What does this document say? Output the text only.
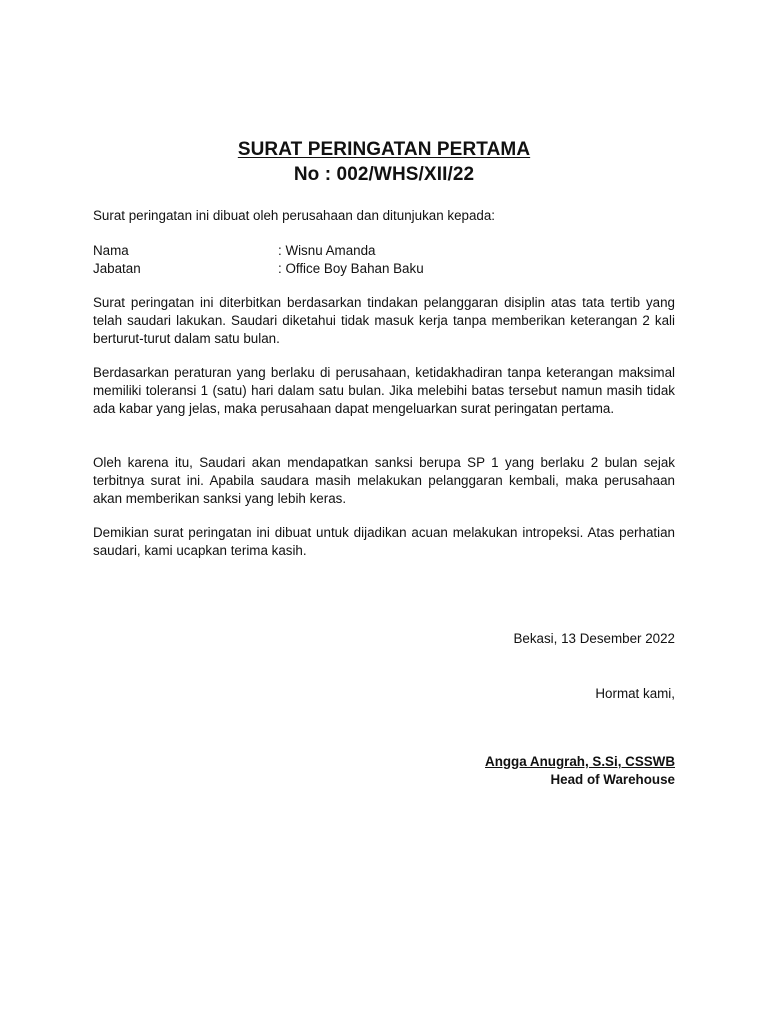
SURAT PERINGATAN PERTAMA
No : 002/WHS/XII/22
Surat peringatan ini dibuat oleh perusahaan dan ditunjukan kepada:
Nama	: Wisnu Amanda
Jabatan	: Office Boy Bahan Baku
Surat peringatan ini diterbitkan berdasarkan tindakan pelanggaran disiplin atas tata tertib yang telah saudari lakukan. Saudari diketahui tidak masuk kerja tanpa memberikan keterangan 2 kali berturut-turut dalam satu bulan.
Berdasarkan peraturan yang berlaku di perusahaan, ketidakhadiran tanpa keterangan maksimal memiliki toleransi 1 (satu) hari dalam satu bulan. Jika melebihi batas tersebut namun masih tidak ada kabar yang jelas, maka perusahaan dapat mengeluarkan surat peringatan pertama.
Oleh karena itu, Saudari akan mendapatkan sanksi berupa SP 1 yang berlaku 2 bulan sejak terbitnya surat ini. Apabila saudara masih melakukan pelanggaran kembali, maka perusahaan akan memberikan sanksi yang lebih keras.
Demikian surat peringatan ini dibuat untuk dijadikan acuan melakukan intropeksi. Atas perhatian saudari, kami ucapkan terima kasih.
Bekasi, 13 Desember 2022
Hormat kami,
Angga Anugrah, S.Si, CSSWB
Head of Warehouse
